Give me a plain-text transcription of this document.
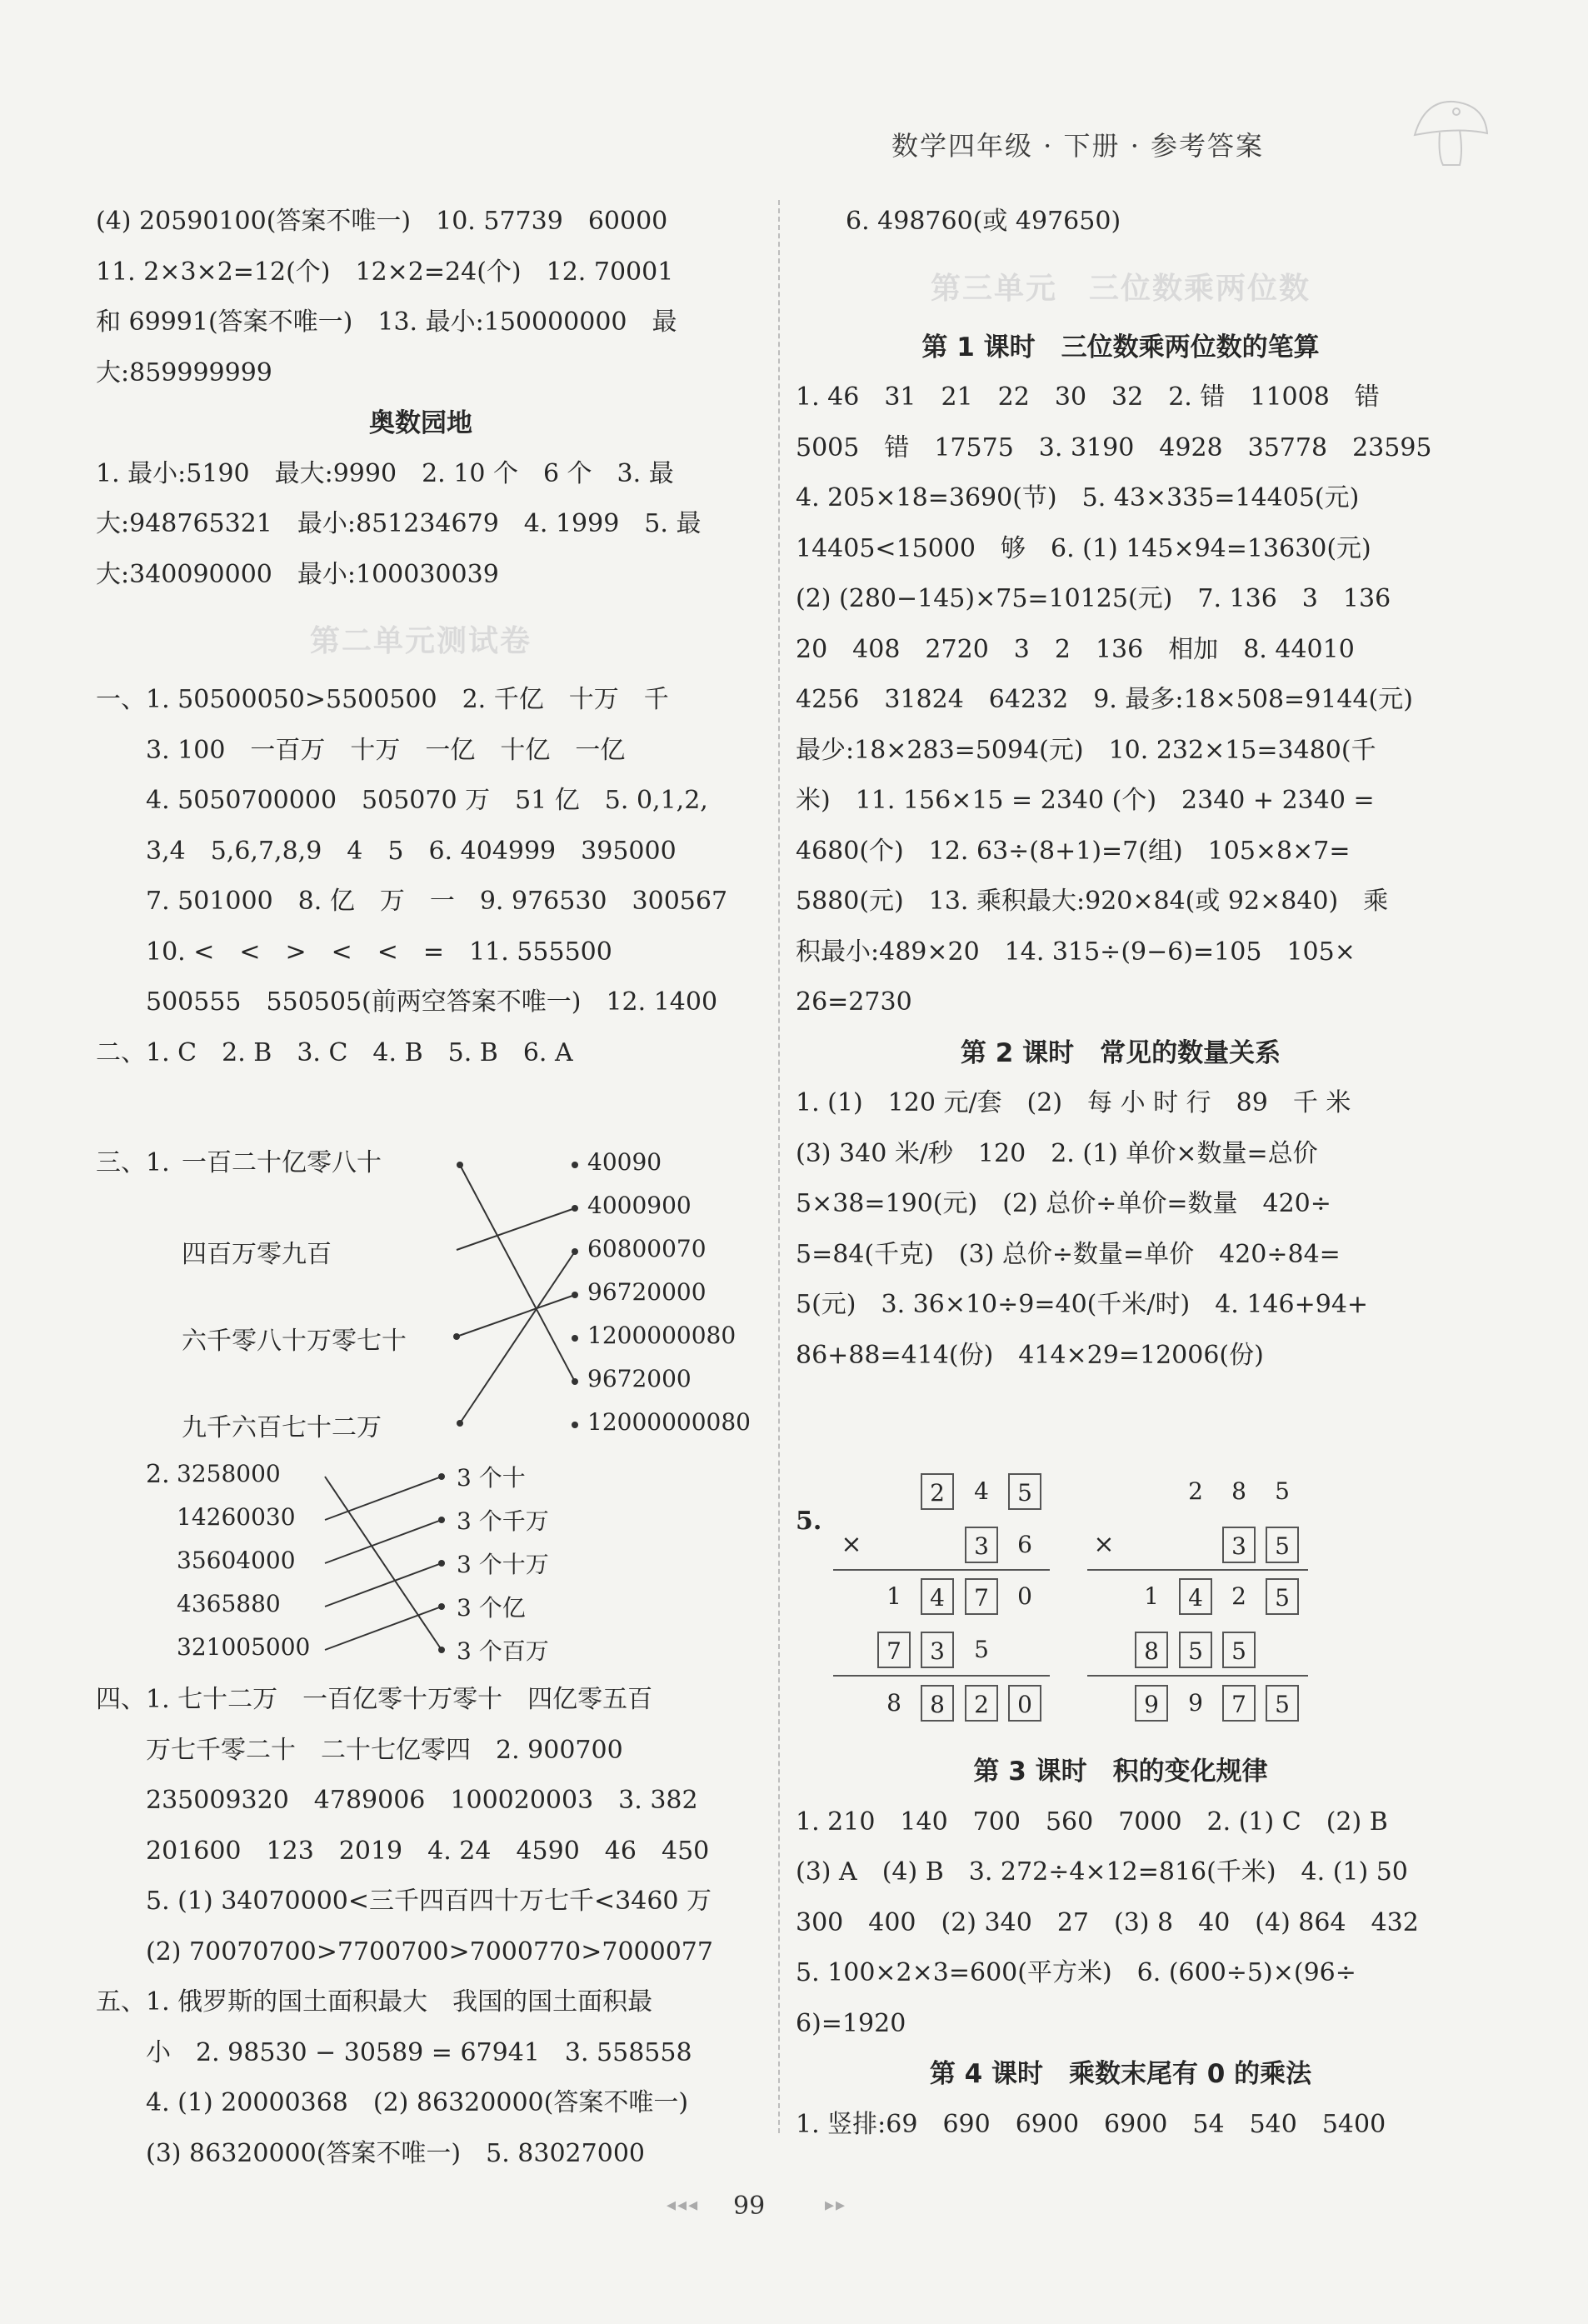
数学四年级 · 下册 · 参考答案
(4) 20590100(答案不唯一)　10. 57739　60000
11. 2×3×2=12(个)　12×2=24(个)　12. 70001
和 69991(答案不唯一)　13. 最小:150000000　最
大:859999999
奥数园地
1. 最小:5190　最大:9990　2. 10 个　6 个　3. 最
大:948765321　最小:851234679　4. 1999　5. 最
大:340090000　最小:100030039
第二单元测试卷
一、1. 50500050>5500500　2. 千亿　十万　千
3. 100　一百万　十万　一亿　十亿　一亿
4. 5050700000　505070 万　51 亿　5. 0,1,2,
3,4　5,6,7,8,9　4　5　6. 404999　395000
7. 501000　8. 亿　万　一　9. 976530　300567
10. <　<　>　<　<　=　11. 555500
500555　550505(前两空答案不唯一)　12. 1400
二、1. C　2. B　3. C　4. B　5. B　6. A
三、1. 一百二十亿零八十
四百万零九百
六千零八十万零七十
九千六百七十二万
40090
4000900
60800070
96720000
1200000080
9672000
12000000080
2. 3258000
14260030
35604000
4365880
321005000
3 个十
3 个千万
3 个十万
3 个亿
3 个百万
四、1. 七十二万　一百亿零十万零十　四亿零五百
万七千零二十　二十七亿零四　2. 900700
235009320　4789006　100020003　3. 382
201600　123　2019　4. 24　4590　46　450
5. (1) 34070000<三千四百四十万七千<3460 万
(2) 70070700>7700700>7000770>7000077
五、1. 俄罗斯的国土面积最大　我国的国土面积最
小　2. 98530 − 30589 = 67941　3. 558558
4. (1) 20000368　(2) 86320000(答案不唯一)
(3) 86320000(答案不唯一)　5. 83027000
6. 498760(或 497650)
第三单元　三位数乘两位数
第 1 课时　三位数乘两位数的笔算
1. 46　31　21　22　30　32　2. 错　11008　错
5005　错　17575　3. 3190　4928　35778　23595
4. 205×18=3690(节)　5. 43×335=14405(元)
14405<15000　够　6. (1) 145×94=13630(元)
(2) (280−145)×75=10125(元)　7. 136　3　136
20　408　2720　3　2　136　相加　8. 44010
4256　31824　64232　9. 最多:18×508=9144(元)
最少:18×283=5094(元)　10. 232×15=3480(千
米)　11. 156×15 = 2340 (个)　2340 + 2340 =
4680(个)　12. 63÷(8+1)=7(组)　105×8×7=
5880(元)　13. 乘积最大:920×84(或 92×840)　乘
积最小:489×20　14. 315÷(9−6)=105　105×
26=2730
第 2 课时　常见的数量关系
1. (1)　120 元/套　(2)　每 小 时 行　89　千 米
(3) 340 米/秒　120　2. (1) 单价×数量=总价
5×38=190(元)　(2) 总价÷单价=数量　420÷
5=84(千克)　(3) 总价÷数量=单价　420÷84=
5(元)　3. 36×10÷9=40(千米/时)　4. 146+94+
86+88=414(份)　414×29=12006(份)
5.
2	4	5
×	3	6
1	4	7	0
7	3	5
8	8	2	0
2	8	5
×	3	5
1	4	2	5
8	5	5
9	9	7	5
第 3 课时　积的变化规律
1. 210　140　700　560　7000　2. (1) C　(2) B
(3) A　(4) B　3. 272÷4×12=816(千米)　4. (1) 50
300　400　(2) 340　27　(3) 8　40　(4) 864　432
5. 100×2×3=600(平方米)　6. (600÷5)×(96÷
6)=1920
第 4 课时　乘数末尾有 0 的乘法
1. 竖排:69　690　6900　6900　54　540　5400
◂◂◂ 99	▸▸
